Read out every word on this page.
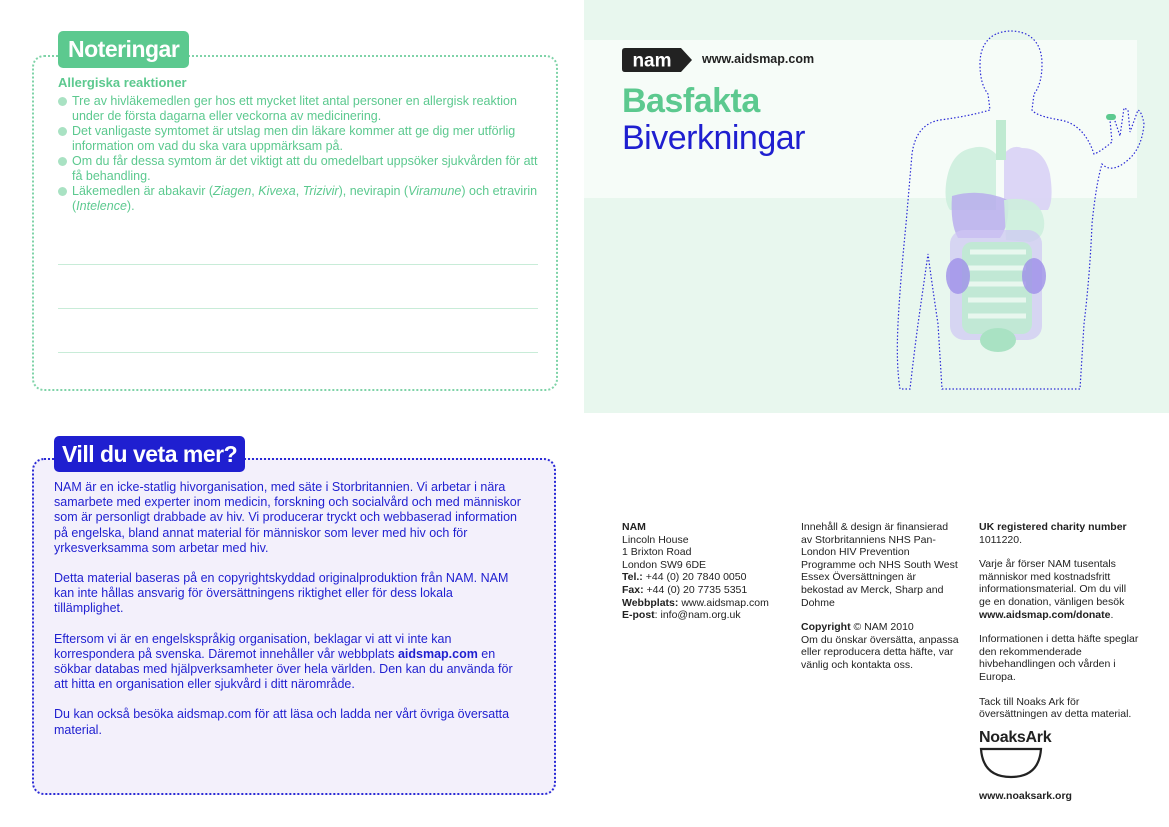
Noteringar
Allergiska reaktioner
Tre av hivläkemedlen ger hos ett mycket litet antal personer en allergisk reaktion under de första dagarna eller veckorna av medicinering.
Det vanligaste symtomet är utslag men din läkare kommer att ge dig mer utförlig information om vad du ska vara uppmärksam på.
Om du får dessa symtom är det viktigt att du omedelbart uppsöker sjukvården för att få behandling.
Läkemedlen är abakavir (Ziagen, Kivexa, Trizivir), nevirapin (Viramune) och etravirin (Intelence).
Vill du veta mer?

NAM är en icke-statlig hivorganisation, med säte i Storbritannien. Vi arbetar i nära samarbete med experter inom medicin, forskning och socialvård och med människor som är personligt drabbade av hiv. Vi producerar tryckt och webbaserad information på engelska, bland annat material för människor som lever med hiv och för yrkesverksamma som arbetar med hiv.

Detta material baseras på en copyrightskyddad originalproduktion från NAM. NAM kan inte hållas ansvarig för översättningens riktighet eller för dess lokala tillämplighet.

Eftersom vi är en engelskspråkig organisation, beklagar vi att vi inte kan korrespondera på svenska. Däremot innehåller vår webbplats aidsmap.com en sökbar databas med hjälpverksamheter över hela världen. Den kan du använda för att hitta en organisation eller sjukvård i ditt närområde.

Du kan också besöka aidsmap.com för att läsa och ladda ner vårt övriga översatta material.

nam www.aidsmap.com
Basfakta
Biverkningar
NAM
Lincoln House
1 Brixton Road
London SW9 6DE
Tel.: +44 (0) 20 7840 0050
Fax: +44 (0) 20 7735 5351
Webbplats: www.aidsmap.com
E-post: info@nam.org.uk
Innehåll & design är finansierad av Storbritanniens NHS Pan-London HIV Prevention Programme och NHS South West Essex Översättningen är bekostad av Merck, Sharp and Dohme
Copyright © NAM 2010
Om du önskar översätta, anpassa eller reproducera detta häfte, var vänlig och kontakta oss.
UK registered charity number
1011220.
Varje år förser NAM tusentals människor med kostnadsfritt informationsmaterial. Om du vill ge en donation, vänligen besök www.aidsmap.com/donate.
Informationen i detta häfte speglar den rekommenderade hivbehandlingen och vården i Europa.
Tack till Noaks Ark för översättningen av detta material.
NoaksArk
www.noaksark.org
